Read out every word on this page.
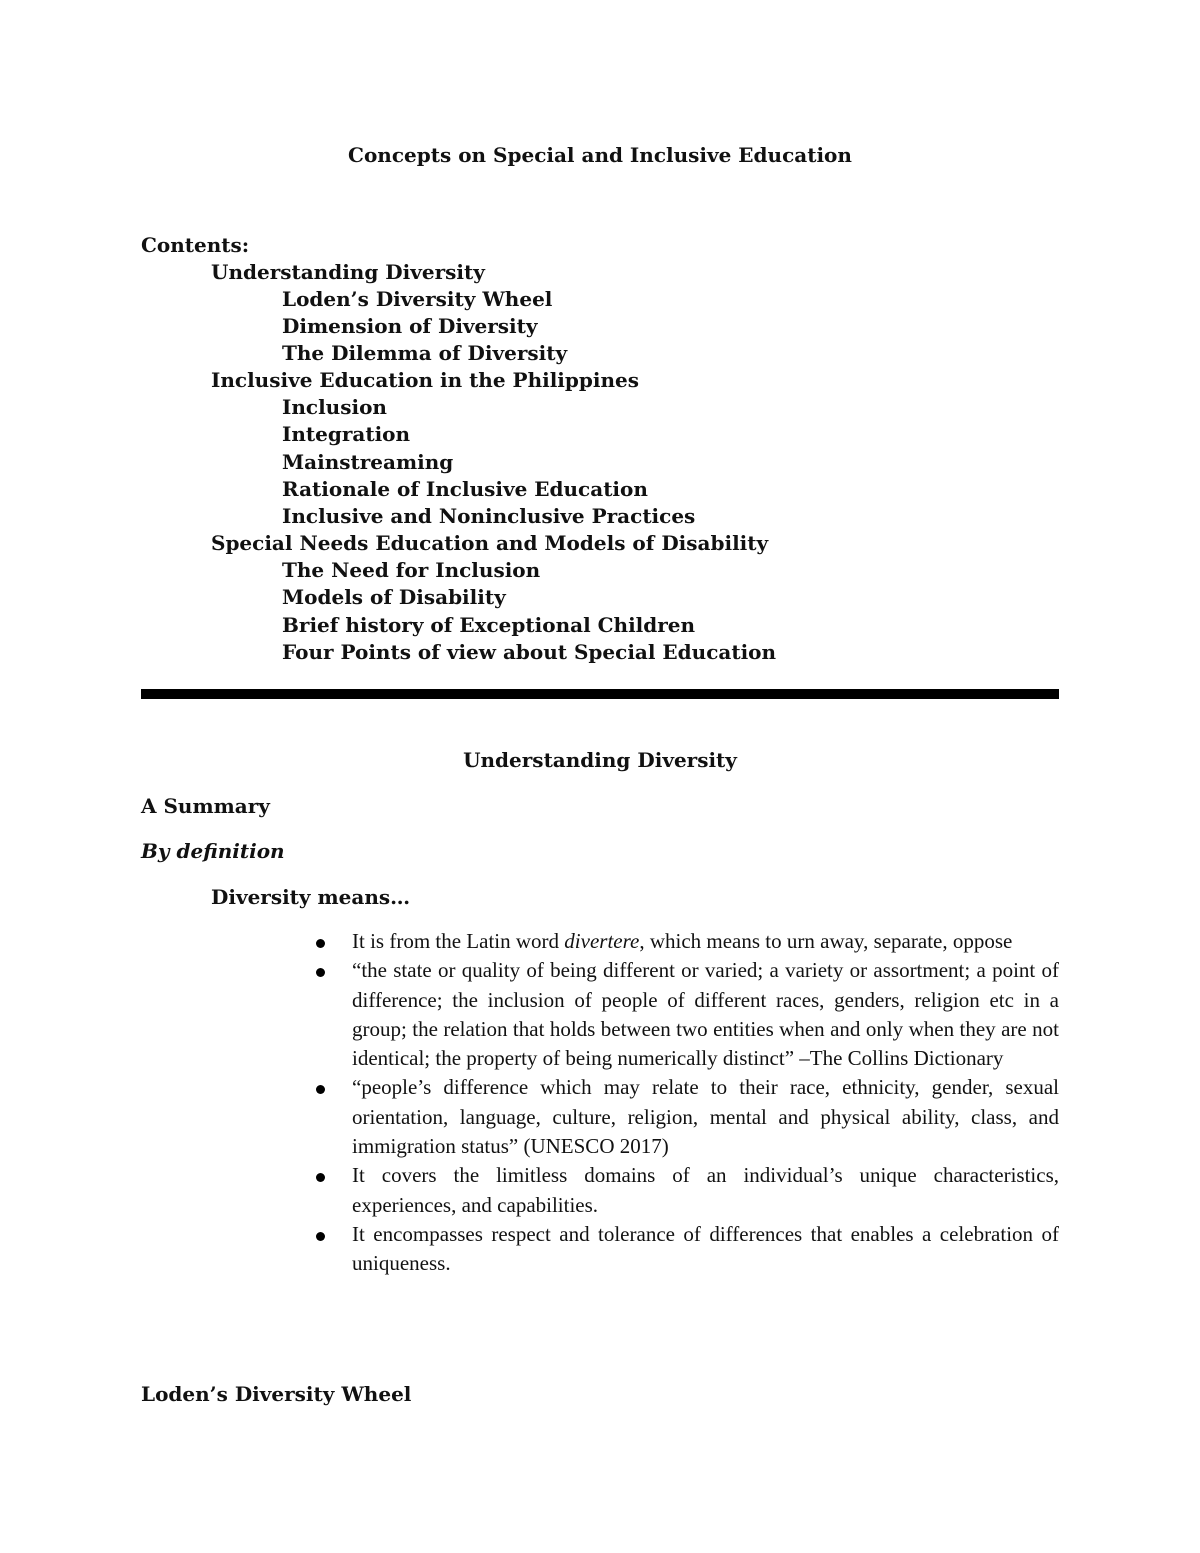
Concepts on Special and Inclusive Education
Contents:
Understanding Diversity
Loden’s Diversity Wheel
Dimension of Diversity
The Dilemma of Diversity
Inclusive Education in the Philippines
Inclusion
Integration
Mainstreaming
Rationale of Inclusive Education
Inclusive and Noninclusive Practices
Special Needs Education and Models of Disability
The Need for Inclusion
Models of Disability
Brief history of Exceptional Children
Four Points of view about Special Education
Understanding Diversity
A Summary
By definition
Diversity means…
It is from the Latin word divertere, which means to urn away, separate, oppose
“the state or quality of being different or varied; a variety or assortment; a point of difference; the inclusion of people of different races, genders, religion etc in a group; the relation that holds between two entities when and only when they are not identical; the property of being numerically distinct” –The Collins Dictionary
“people’s difference which may relate to their race, ethnicity, gender, sexual orientation, language, culture, religion, mental and physical ability, class, and immigration status” (UNESCO 2017)
It covers the limitless domains of an individual’s unique characteristics, experiences, and capabilities.
It encompasses respect and tolerance of differences that enables a celebration of uniqueness.
Loden’s Diversity Wheel
